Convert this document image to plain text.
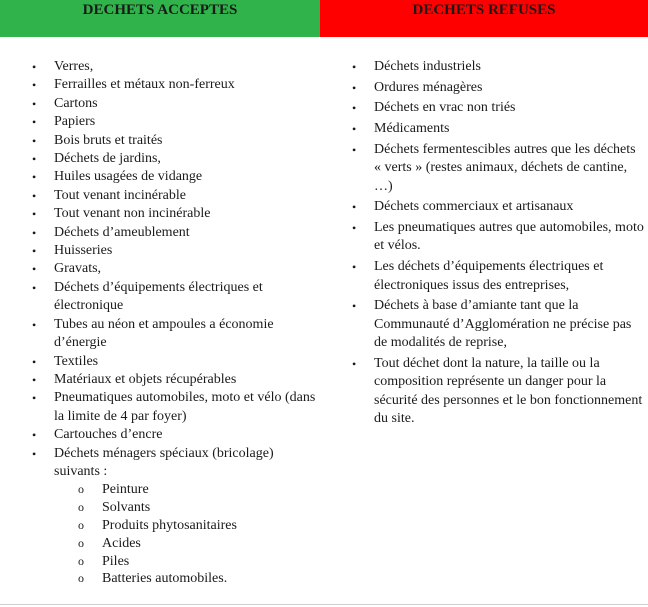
DECHETS ACCEPTES	DECHETS REFUSES
• Verres,
• Ferrailles et métaux non-ferreux
• Cartons
• Papiers
• Bois bruts et traités
• Déchets de jardins,
• Huiles usagées de vidange
• Tout venant incinérable
• Tout venant non incinérable
• Déchets d’ameublement
• Huisseries
• Gravats,
• Déchets d’équipements électriques et électronique
• Tubes au néon et ampoules a économie d’énergie
• Textiles
• Matériaux et objets récupérables
• Pneumatiques automobiles, moto et vélo (dans la limite de 4 par foyer)
• Cartouches d’encre
• Déchets ménagers spéciaux (bricolage) suivants :
o Peinture
o Solvants
o Produits phytosanitaires
o Acides
o Piles
o Batteries automobiles.
• Déchets industriels
• Ordures ménagères
• Déchets en vrac non triés
• Médicaments
• Déchets fermentescibles autres que les déchets « verts » (restes animaux, déchets de cantine, …)
• Déchets commerciaux et artisanaux
• Les pneumatiques autres que automobiles, moto et vélos.
• Les déchets d’équipements électriques et électroniques issus des entreprises,
• Déchets à base d’amiante tant que la Communauté d’Agglomération ne précise pas de modalités de reprise,
• Tout déchet dont la nature, la taille ou la composition représente un danger pour la sécurité des personnes et le bon fonctionnement du site.
